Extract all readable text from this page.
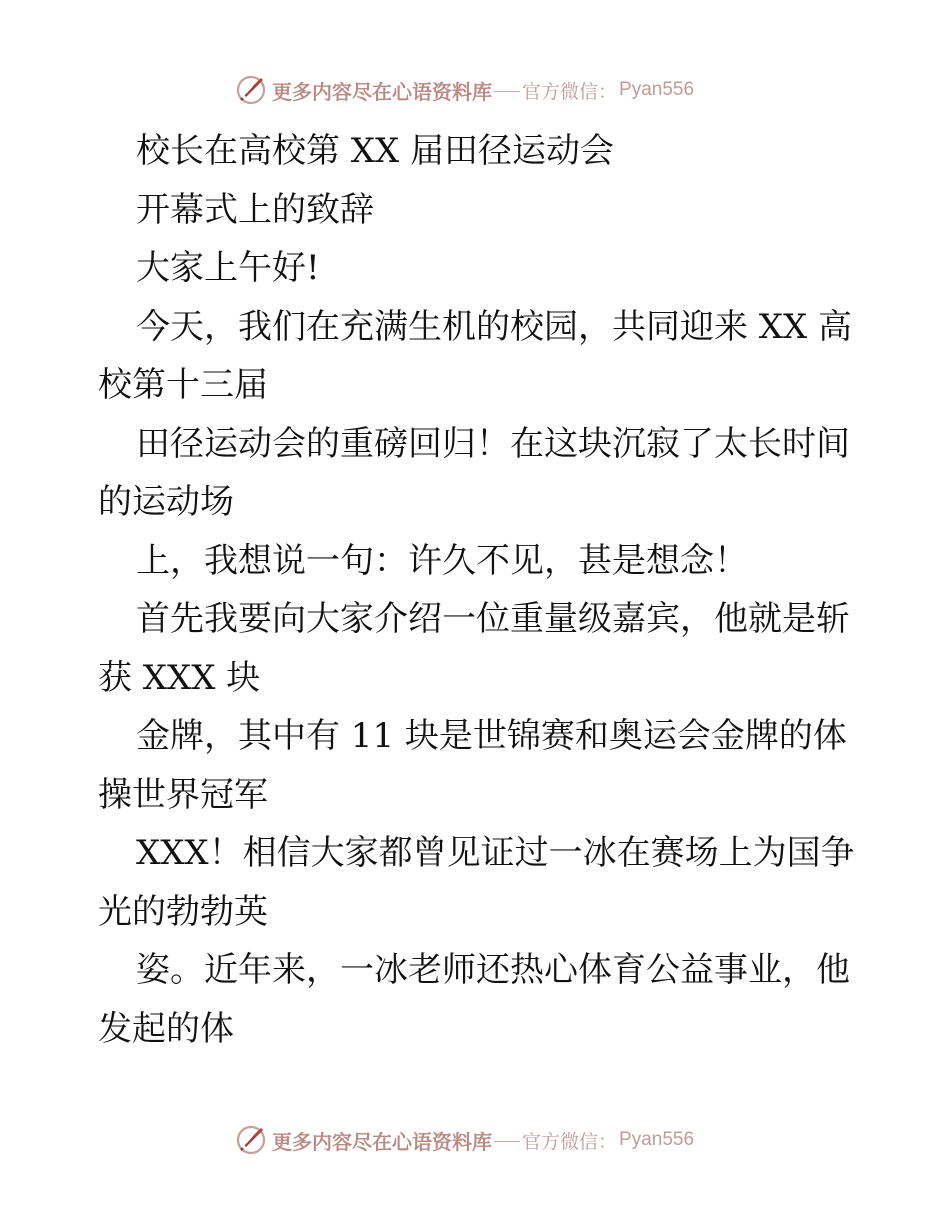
更多内容尽在心语资料库 官方微信： Pyan556
校长在高校第 XX 届田径运动会
开幕式上的致辞
大家上午好!
今天，我们在充满生机的校园，共同迎来 XX 高
校第十三届
田径运动会的重磅回归！在这块沉寂了太长时间
的运动场
上，我想说一句：许久不见，甚是想念！
首先我要向大家介绍一位重量级嘉宾，他就是斩
获 XXX 块
金牌，其中有 11 块是世锦赛和奥运会金牌的体
操世界冠军
XXX！相信大家都曾见证过一冰在赛场上为国争
光的勃勃英
姿。近年来，一冰老师还热心体育公益事业，他
发起的体
更多内容尽在心语资料库 官方微信： Pyan556
